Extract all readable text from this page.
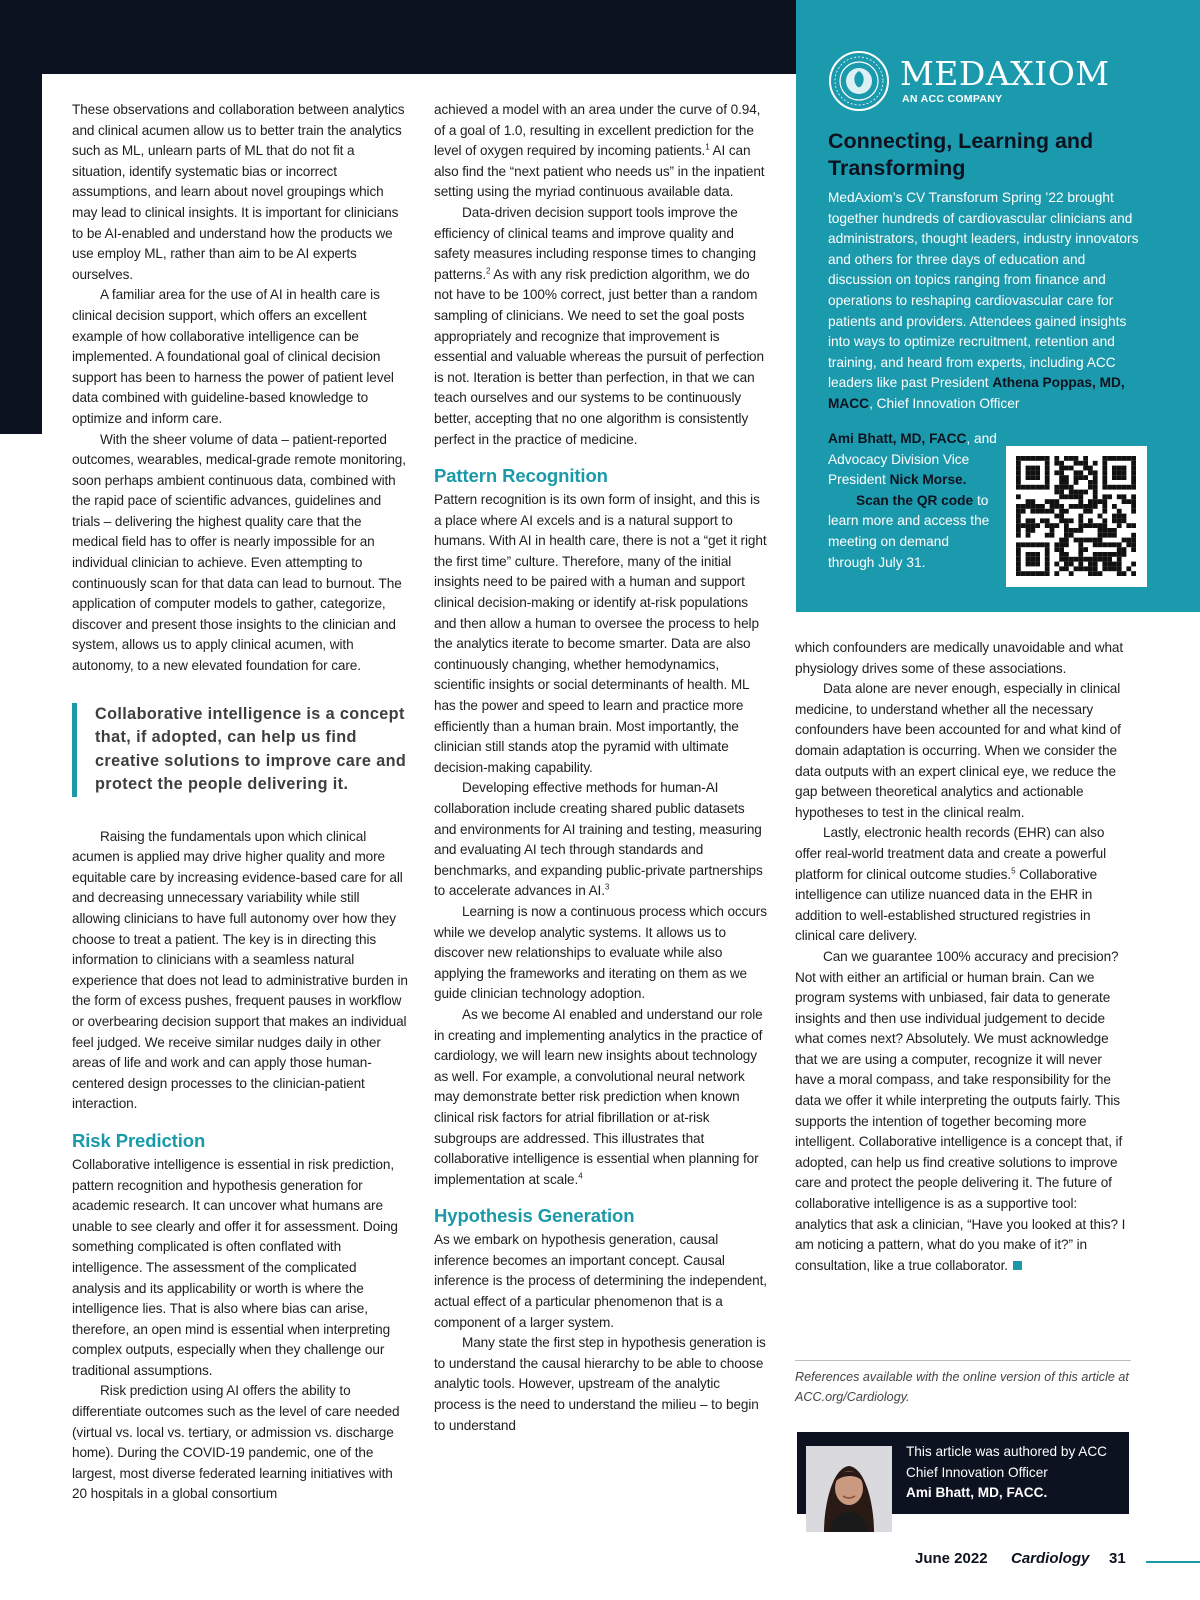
These observations and collaboration between analytics and clinical acumen allow us to better train the analytics such as ML, unlearn parts of ML that do not fit a situation, identify systematic bias or incorrect assumptions, and learn about novel groupings which may lead to clinical insights. It is important for clinicians to be AI-enabled and understand how the products we use employ ML, rather than aim to be AI experts ourselves.

A familiar area for the use of AI in health care is clinical decision support, which offers an excellent example of how collaborative intelligence can be implemented. A foundational goal of clinical decision support has been to harness the power of patient level data combined with guideline-based knowledge to optimize and inform care.

With the sheer volume of data – patient-reported outcomes, wearables, medical-grade remote monitoring, soon perhaps ambient continuous data, combined with the rapid pace of scientific advances, guidelines and trials – delivering the highest quality care that the medical field has to offer is nearly impossible for an individual clinician to achieve. Even attempting to continuously scan for that data can lead to burnout. The application of computer models to gather, categorize, discover and present those insights to the clinician and system, allows us to apply clinical acumen, with autonomy, to a new elevated foundation for care.

Collaborative intelligence is a concept that, if adopted, can help us find creative solutions to improve care and protect the people delivering it.

Raising the fundamentals upon which clinical acumen is applied may drive higher quality and more equitable care by increasing evidence-based care for all and decreasing unnecessary variability while still allowing clinicians to have full autonomy over how they choose to treat a patient. The key is in directing this information to clinicians with a seamless natural experience that does not lead to administrative burden in the form of excess pushes, frequent pauses in workflow or overbearing decision support that makes an individual feel judged. We receive similar nudges daily in other areas of life and work and can apply those human-centered design processes to the clinician-patient interaction.

Risk Prediction

Collaborative intelligence is essential in risk prediction, pattern recognition and hypothesis generation for academic research. It can uncover what humans are unable to see clearly and offer it for assessment. Doing something complicated is often conflated with intelligence. The assessment of the complicated analysis and its applicability or worth is where the intelligence lies. That is also where bias can arise, therefore, an open mind is essential when interpreting complex outputs, especially when they challenge our traditional assumptions.

Risk prediction using AI offers the ability to differentiate outcomes such as the level of care needed (virtual vs. local vs. tertiary, or admission vs. discharge home). During the COVID-19 pandemic, one of the largest, most diverse federated learning initiatives with 20 hospitals in a global consortium

achieved a model with an area under the curve of 0.94, of a goal of 1.0, resulting in excellent prediction for the level of oxygen required by incoming patients.$^1$ AI can also find the “next patient who needs us” in the inpatient setting using the myriad continuous available data.

Data-driven decision support tools improve the efficiency of clinical teams and improve quality and safety measures including response times to changing patterns.$^2$ As with any risk prediction algorithm, we do not have to be 100% correct, just better than a random sampling of clinicians. We need to set the goal posts appropriately and recognize that improvement is essential and valuable whereas the pursuit of perfection is not. Iteration is better than perfection, in that we can teach ourselves and our systems to be continuously better, accepting that no one algorithm is consistently perfect in the practice of medicine.

Pattern Recognition

Pattern recognition is its own form of insight, and this is a place where AI excels and is a natural support to humans. With AI in health care, there is not a “get it right the first time” culture. Therefore, many of the initial insights need to be paired with a human and support clinical decision-making or identify at-risk populations and then allow a human to oversee the process to help the analytics iterate to become smarter. Data are also continuously changing, whether hemodynamics, scientific insights or social determinants of health. ML has the power and speed to learn and practice more efficiently than a human brain. Most importantly, the clinician still stands atop the pyramid with ultimate decision-making capability.

Developing effective methods for human-AI collaboration include creating shared public datasets and environments for AI training and testing, measuring and evaluating AI tech through standards and benchmarks, and expanding public-private partnerships to accelerate advances in AI.$^3$

Learning is now a continuous process which occurs while we develop analytic systems. It allows us to discover new relationships to evaluate while also applying the frameworks and iterating on them as we guide clinician technology adoption.

As we become AI enabled and understand our role in creating and implementing analytics in the practice of cardiology, we will learn new insights about technology as well. For example, a convolutional neural network may demonstrate better risk prediction when known clinical risk factors for atrial fibrillation or at-risk subgroups are addressed. This illustrates that collaborative intelligence is essential when planning for implementation at scale.$^4$

Hypothesis Generation

As we embark on hypothesis generation, causal inference becomes an important concept. Causal inference is the process of determining the independent, actual effect of a particular phenomenon that is a component of a larger system.

Many state the first step in hypothesis generation is to understand the causal hierarchy to be able to choose analytic tools. However, upstream of the analytic process is the need to understand the milieu – to begin to understand

MEDAXIOM
AN ACC COMPANY
Connecting, Learning and Transforming
MedAxiom’s CV Transforum Spring ’22 brought together hundreds of cardiovascular clinicians and administrators, thought leaders, industry innovators and others for three days of education and discussion on topics ranging from finance and operations to reshaping cardiovascular care for patients and providers. Attendees gained insights into ways to optimize recruitment, retention and training, and heard from experts, including ACC leaders like past President Athena Poppas, MD, MACC, Chief Innovation Officer
Ami Bhatt, MD, FACC, and Advocacy Division Vice President Nick Morse.
Scan the QR code to learn more and access the meeting on demand through July 31.

which confounders are medically unavoidable and what physiology drives some of these associations.

Data alone are never enough, especially in clinical medicine, to understand whether all the necessary confounders have been accounted for and what kind of domain adaptation is occurring. When we consider the data outputs with an expert clinical eye, we reduce the gap between theoretical analytics and actionable hypotheses to test in the clinical realm.

Lastly, electronic health records (EHR) can also offer real-world treatment data and create a powerful platform for clinical outcome studies.$^5$ Collaborative intelligence can utilize nuanced data in the EHR in addition to well-established structured registries in clinical care delivery.

Can we guarantee 100% accuracy and precision? Not with either an artificial or human brain. Can we program systems with unbiased, fair data to generate insights and then use individual judgement to decide what comes next? Absolutely. We must acknowledge that we are using a computer, recognize it will never have a moral compass, and take responsibility for the data we offer it while interpreting the outputs fairly. This supports the intention of together becoming more intelligent. Collaborative intelligence is a concept that, if adopted, can help us find creative solutions to improve care and protect the people delivering it. The future of collaborative intelligence is as a supportive tool: analytics that ask a clinician, “Have you looked at this? I am noticing a pattern, what do you make of it?” in consultation, like a true collaborator.

References available with the online version of this article at ACC.org/Cardiology.
This article was authored by ACC Chief Innovation Officer
Ami Bhatt, MD, FACC.
June 2022 Cardiology 31
